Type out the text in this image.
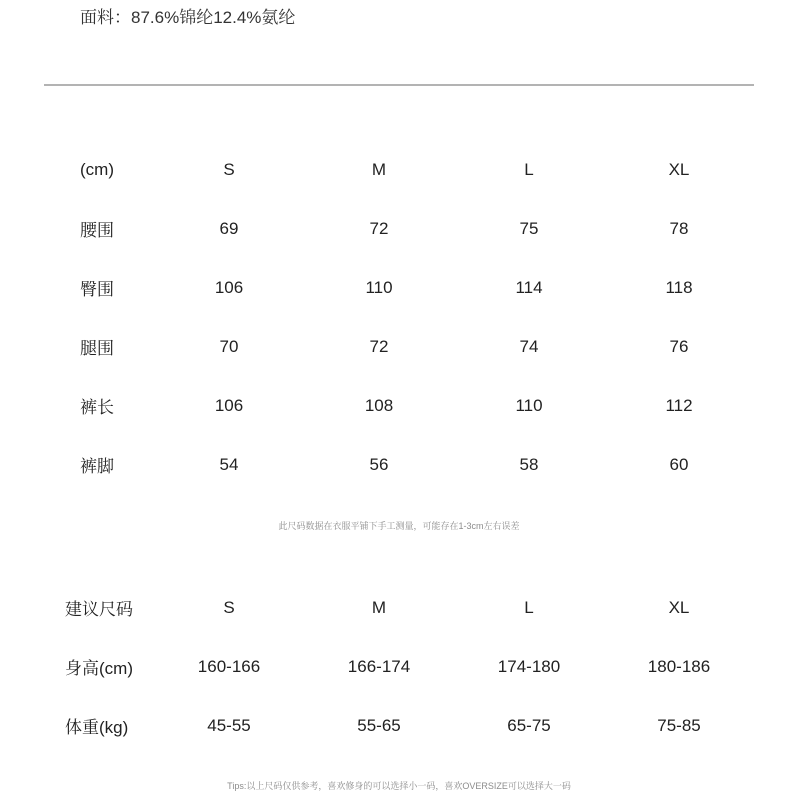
面料：87.6%锦纶12.4%氨纶
(cm)	S	M	L	XL
腰围	69	72	75	78
臀围	106	110	114	118
腿围	70	72	74	76
裤长	106	108	110	112
裤脚	54	56	58	60
此尺码数据在衣服平铺下手工测量，可能存在1-3cm左右误差
建议尺码	S	M	L	XL
身高(cm)	160-166	166-174	174-180	180-186
体重(kg)	45-55	55-65	65-75	75-85
Tips:以上尺码仅供参考，喜欢修身的可以选择小一码，喜欢OVERSIZE可以选择大一码
